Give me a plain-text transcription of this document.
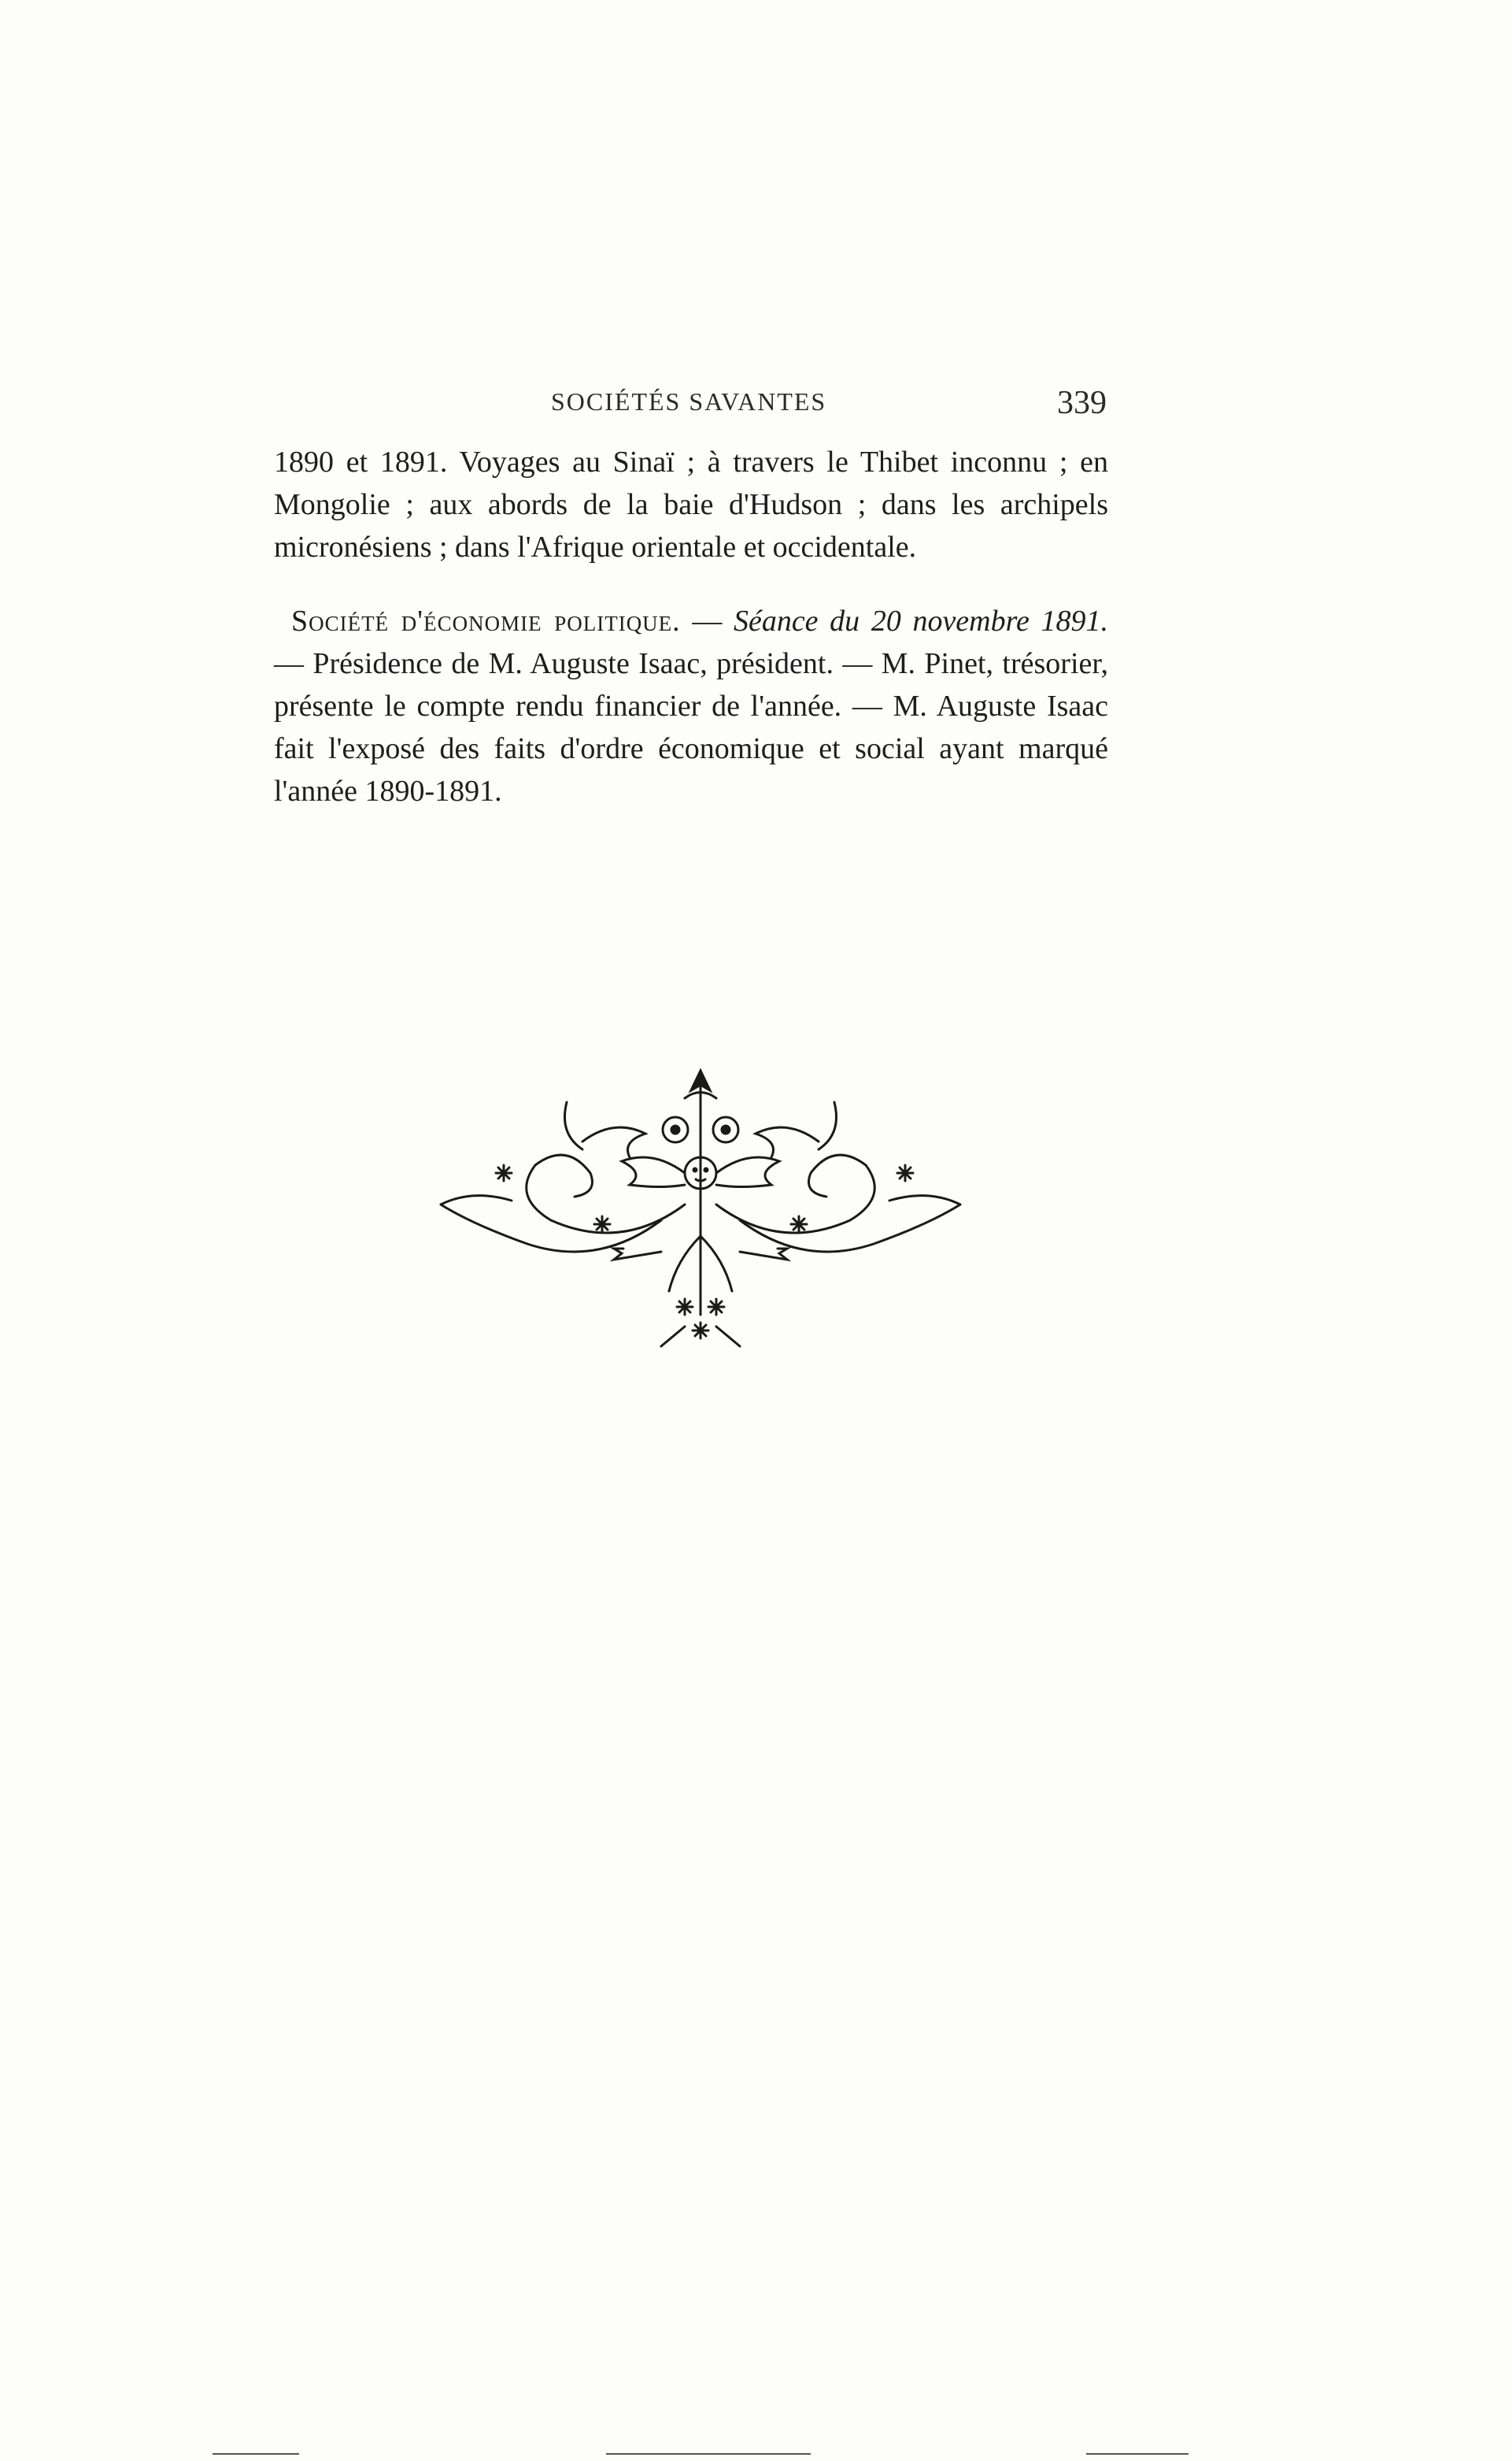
SOCIÉTÉS SAVANTES	339
1890 et 1891. Voyages au Sinaï ; à travers le Thibet inconnu ; en Mongolie ; aux abords de la baie d'Hudson ; dans les archipels micronésiens ; dans l'Afrique orientale et occidentale.
Société d'économie politique. — Séance du 20 novembre 1891. — Présidence de M. Auguste Isaac, président. — M. Pinet, trésorier, présente le compte rendu financier de l'année. — M. Auguste Isaac fait l'exposé des faits d'ordre économique et social ayant marqué l'année 1890-1891.
